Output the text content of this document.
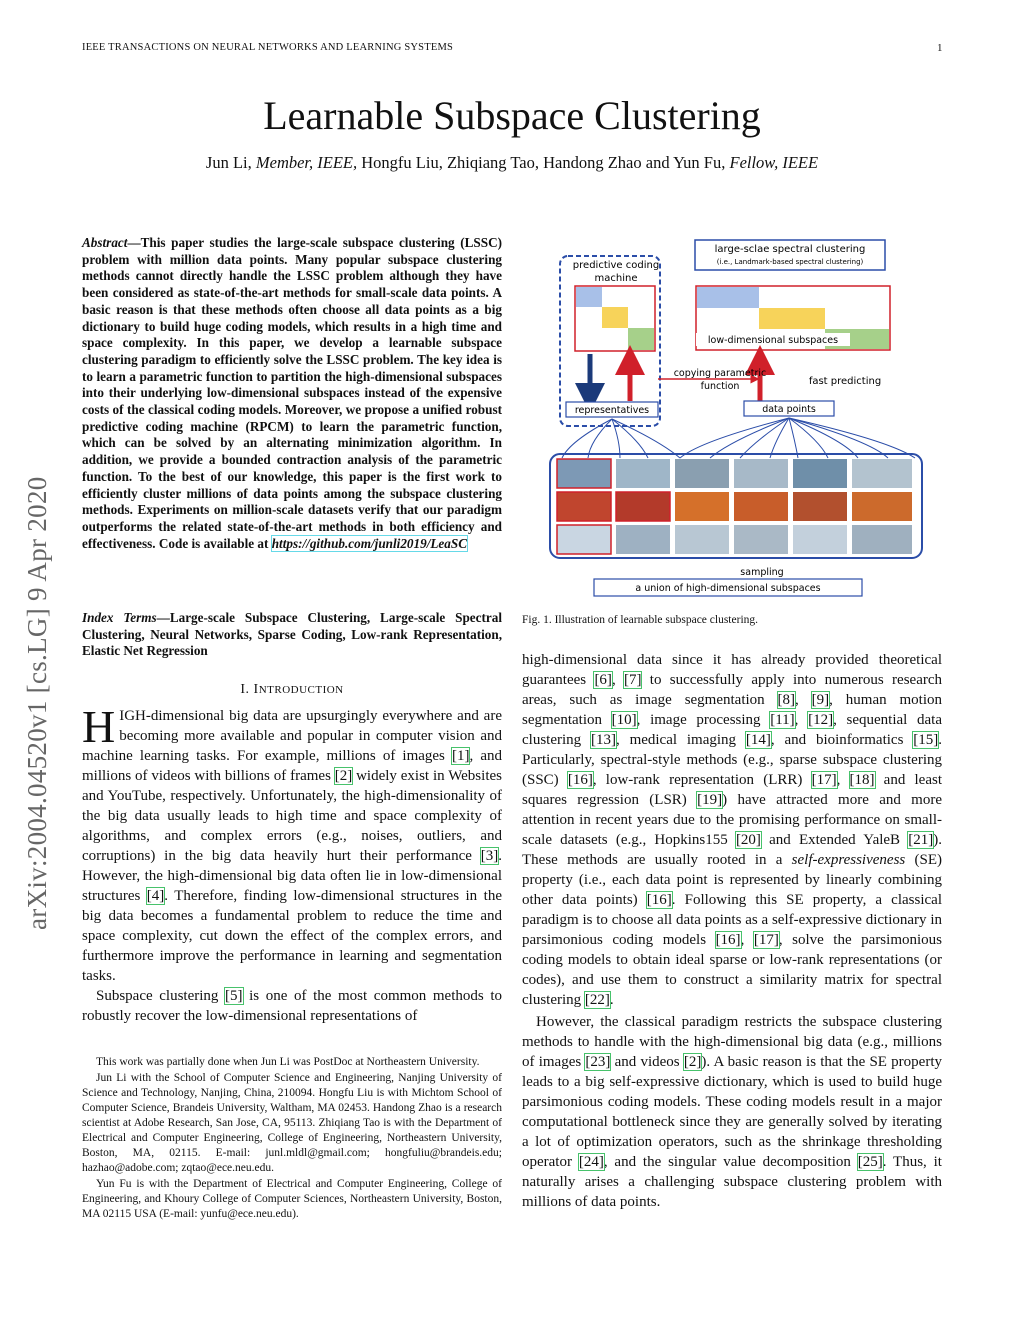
IEEE TRANSACTIONS ON NEURAL NETWORKS AND LEARNING SYSTEMS	1
Learnable Subspace Clustering
Jun Li, Member, IEEE, Hongfu Liu, Zhiqiang Tao, Handong Zhao and Yun Fu, Fellow, IEEE
arXiv:2004.04520v1 [cs.LG] 9 Apr 2020
Abstract—This paper studies the large-scale subspace clustering (LSSC) problem with million data points. Many popular subspace clustering methods cannot directly handle the LSSC problem although they have been considered as state-of-the-art methods for small-scale data points. A basic reason is that these methods often choose all data points as a big dictionary to build huge coding models, which results in a high time and space complexity. In this paper, we develop a learnable subspace clustering paradigm to efficiently solve the LSSC problem. The key idea is to learn a parametric function to partition the high-dimensional subspaces into their underlying low-dimensional subspaces instead of the expensive costs of the classical coding models. Moreover, we propose a unified robust predictive coding machine (RPCM) to learn the parametric function, which can be solved by an alternating minimization algorithm. In addition, we provide a bounded contraction analysis of the parametric function. To the best of our knowledge, this paper is the first work to efficiently cluster millions of data points among the subspace clustering methods. Experiments on million-scale datasets verify that our paradigm outperforms the related state-of-the-art methods in both efficiency and effectiveness. Code is available at https://github.com/junli2019/LeaSC
Index Terms—Large-scale Subspace Clustering, Large-scale Spectral Clustering, Neural Networks, Sparse Coding, Low-rank Representation, Elastic Net Regression
I. INTRODUCTION

HIGH-dimensional big data are upsurgingly everywhere and are becoming more available and popular in computer vision and machine learning tasks. For example, millions of images [1], and millions of videos with billions of frames [2] widely exist in Websites and YouTube, respectively. Unfortunately, the high-dimensionality of the big data usually leads to high time and space complexity of algorithms, and complex errors (e.g., noises, outliers, and corruptions) in the big data heavily hurt their performance [3]. However, the high-dimensional big data often lie in low-dimensional structures [4]. Therefore, finding low-dimensional structures in the big data becomes a fundamental problem to reduce the time and space complexity, cut down the effect of the complex errors, and furthermore improve the performance in learning and segmentation tasks.

Subspace clustering [5] is one of the most common methods to robustly recover the low-dimensional representations of

This work was partially done when Jun Li was PostDoc at Northeastern University.

Jun Li with the School of Computer Science and Engineering, Nanjing University of Science and Technology, Nanjing, China, 210094. Hongfu Liu is with Michtom School of Computer Science, Brandeis University, Waltham, MA 02453. Handong Zhao is a research scientist at Adobe Research, San Jose, CA, 95113. Zhiqiang Tao is with the Department of Electrical and Computer Engineering, College of Engineering, Northeastern University, Boston, MA, 02115. E-mail: junl.mldl@gmail.com; hongfuliu@brandeis.edu; hazhao@adobe.com; zqtao@ece.neu.edu.

Yun Fu is with the Department of Electrical and Computer Engineering, College of Engineering, and Khoury College of Computer Sciences, Northeastern University, Boston, MA 02115 USA (E-mail: yunfu@ece.neu.edu).

large-sclae spectral clustering
(i.e., Landmark-based spectral clustering)
predictive coding
machine
low-dimensional subspaces
copying parametric
function	fast predicting
representatives	data points
sampling
a union of high-dimensional subspaces
Fig. 1. Illustration of learnable subspace clustering.

high-dimensional data since it has already provided theoretical guarantees [6], [7] to successfully apply into numerous research areas, such as image segmentation [8], [9], human motion segmentation [10], image processing [11], [12], sequential data clustering [13], medical imaging [14], and bioinformatics [15]. Particularly, spectral-style methods (e.g., sparse subspace clustering (SSC) [16], low-rank representation (LRR) [17], [18] and least squares regression (LSR) [19]) have attracted more and more attention in recent years due to the promising performance on small-scale datasets (e.g., Hopkins155 [20] and Extended YaleB [21]). These methods are usually rooted in a self-expressiveness (SE) property (i.e., each data point is represented by linearly combining other data points) [16]. Following this SE property, a classical paradigm is to choose all data points as a self-expressive dictionary in parsimonious coding models [16], [17], solve the parsimonious coding models to obtain ideal sparse or low-rank representations (or codes), and use them to construct a similarity matrix for spectral clustering [22].

However, the classical paradigm restricts the subspace clustering methods to handle with the high-dimensional big data (e.g., millions of images [23] and videos [2]). A basic reason is that the SE property leads to a big self-expressive dictionary, which is used to build huge parsimonious coding models. These coding models result in a major computational bottleneck since they are generally solved by iterating a lot of optimization operators, such as the shrinkage thresholding operator [24], and the singular value decomposition [25]. Thus, it naturally arises a challenging subspace clustering problem with millions of data points.
